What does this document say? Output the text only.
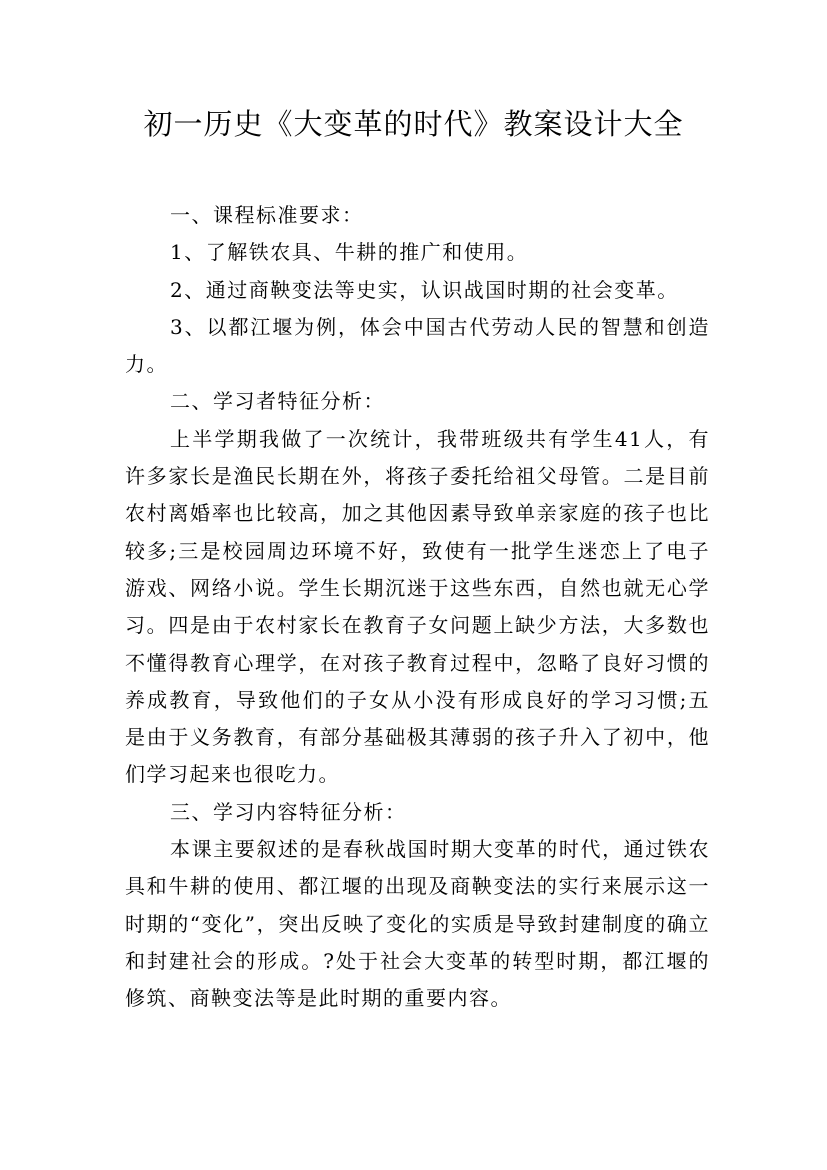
初一历史《大变革的时代》教案设计大全

一、课程标准要求：

1、了解铁农具、牛耕的推广和使用。

2、通过商鞅变法等史实，认识战国时期的社会变革。

3、以都江堰为例，体会中国古代劳动人民的智慧和创造力。

二、学习者特征分析：

上半学期我做了一次统计，我带班级共有学生41人，有许多家长是渔民长期在外，将孩子委托给祖父母管。二是目前农村离婚率也比较高，加之其他因素导致单亲家庭的孩子也比较多;三是校园周边环境不好，致使有一批学生迷恋上了电子游戏、网络小说。学生长期沉迷于这些东西，自然也就无心学习。四是由于农村家长在教育子女问题上缺少方法，大多数也不懂得教育心理学，在对孩子教育过程中，忽略了良好习惯的养成教育，导致他们的子女从小没有形成良好的学习习惯;五是由于义务教育，有部分基础极其薄弱的孩子升入了初中，他们学习起来也很吃力。

三、学习内容特征分析：

本课主要叙述的是春秋战国时期大变革的时代，通过铁农具和牛耕的使用、都江堰的出现及商鞅变法的实行来展示这一时期的“变化”，突出反映了变化的实质是导致封建制度的确立和封建社会的形成。?处于社会大变革的转型时期，都江堰的修筑、商鞅变法等是此时期的重要内容。
